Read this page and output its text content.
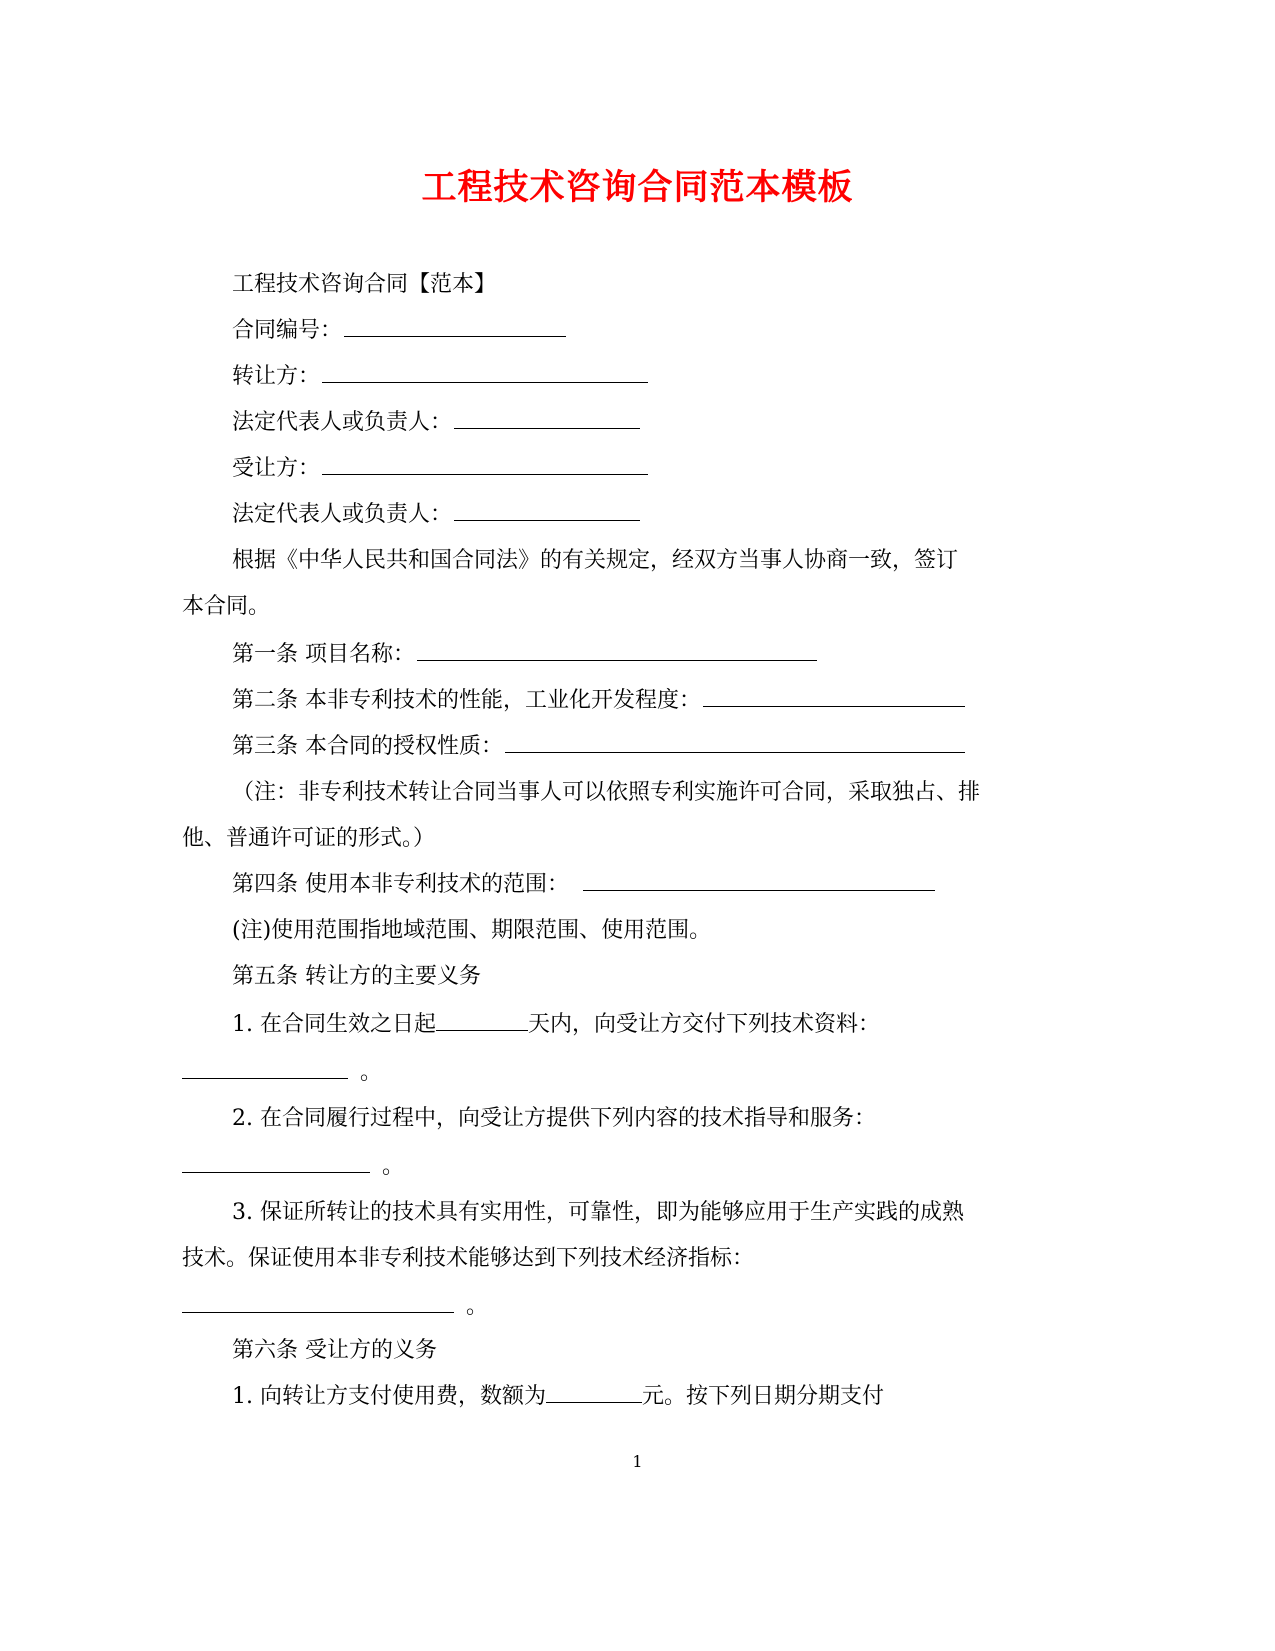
工程技术咨询合同范本模板
工程技术咨询合同【范本】
合同编号：
转让方：
法定代表人或负责人：
受让方：
法定代表人或负责人：
根据《中华人民共和国合同法》的有关规定，经双方当事人协商一致，签订
本合同。
第一条 项目名称：
第二条 本非专利技术的性能，工业化开发程度：
第三条 本合同的授权性质：
（注：非专利技术转让合同当事人可以依照专利实施许可合同，采取独占、排
他、普通许可证的形式。）
第四条 使用本非专利技术的范围：
(注)使用范围指地域范围、期限范围、使用范围。
第五条 转让方的主要义务
1. 在合同生效之日起	天内，向受让方交付下列技术资料：
。
2. 在合同履行过程中，向受让方提供下列内容的技术指导和服务：
。
3. 保证所转让的技术具有实用性，可靠性，即为能够应用于生产实践的成熟
技术。保证使用本非专利技术能够达到下列技术经济指标：
。
第六条 受让方的义务
1. 向转让方支付使用费，数额为	元。按下列日期分期支付
1
